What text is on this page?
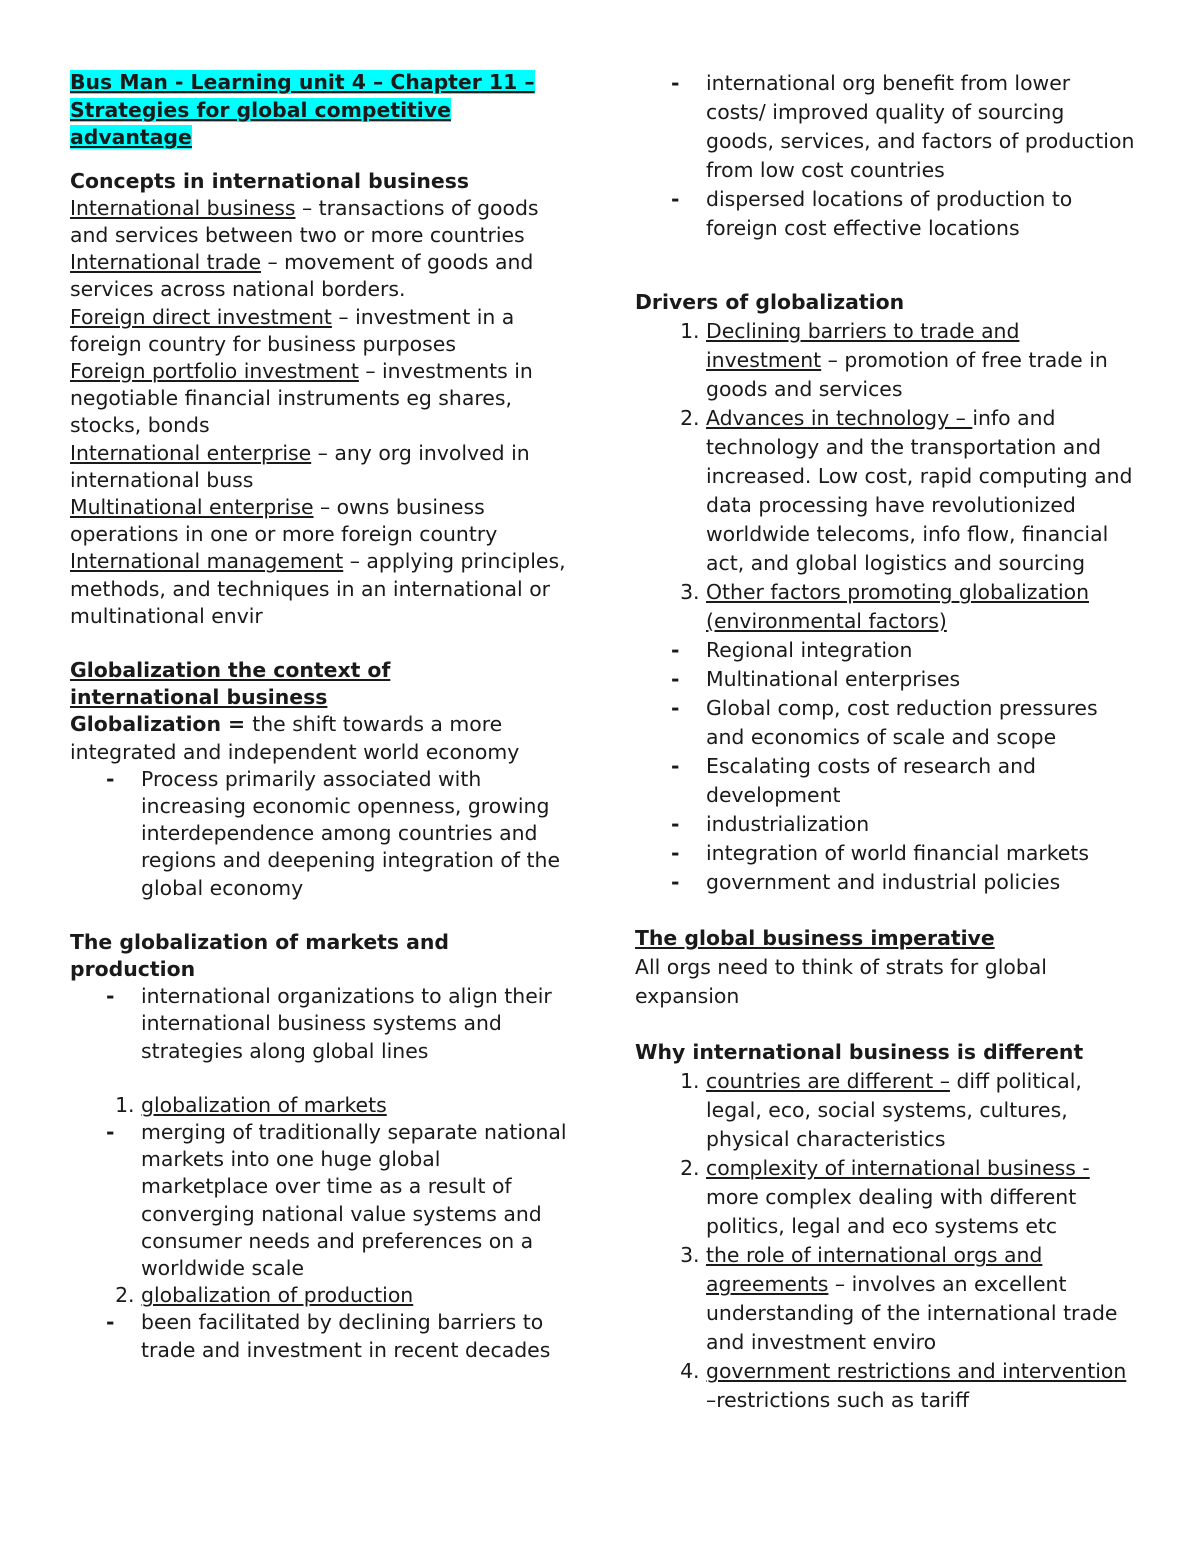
Bus Man - Learning unit 4 – Chapter 11 –
Strategies for global competitive
advantage
Concepts in international business

International business – transactions of goods and services between two or more countries

International trade – movement of goods and services across national borders.

Foreign direct investment – investment in a foreign country for business purposes

Foreign portfolio investment – investments in negotiable financial instruments eg shares, stocks, bonds

International enterprise – any org involved in international buss

Multinational enterprise – owns business operations in one or more foreign country

International management – applying principles, methods, and techniques in an international or multinational envir

Globalization the context of
international business

Globalization = the shift towards a more integrated and independent world economy

- Process primarily associated with increasing economic openness, growing interdependence among countries and regions and deepening integration of the global economy
The globalization of markets and production
- international organizations to align their international business systems and strategies along global lines
1. globalization of markets
- merging of traditionally separate national markets into one huge global marketplace over time as a result of converging national value systems and consumer needs and preferences on a worldwide scale
2. globalization of production
- been facilitated by declining barriers to trade and investment in recent decades
- international org benefit from lower costs/ improved quality of sourcing goods, services, and factors of production from low cost countries
- dispersed locations of production to foreign cost effective locations
Drivers of globalization
1. Declining barriers to trade and investment – promotion of free trade in goods and services
2. Advances in technology – info and technology and the transportation and increased. Low cost, rapid computing and data processing have revolutionized worldwide telecoms, info flow, financial act, and global logistics and sourcing
3. Other factors promoting globalization (environmental factors)
- Regional integration
- Multinational enterprises
- Global comp, cost reduction pressures and economics of scale and scope
- Escalating costs of research and development
- industrialization
- integration of world financial markets
- government and industrial policies
The global business imperative

All orgs need to think of strats for global expansion

Why international business is different
1. countries are different – diff political, legal, eco, social systems, cultures, physical characteristics
2. complexity of international business - more complex dealing with different politics, legal and eco systems etc
3. the role of international orgs and agreements – involves an excellent understanding of the international trade and investment enviro
4. government restrictions and intervention –restrictions such as tariff
